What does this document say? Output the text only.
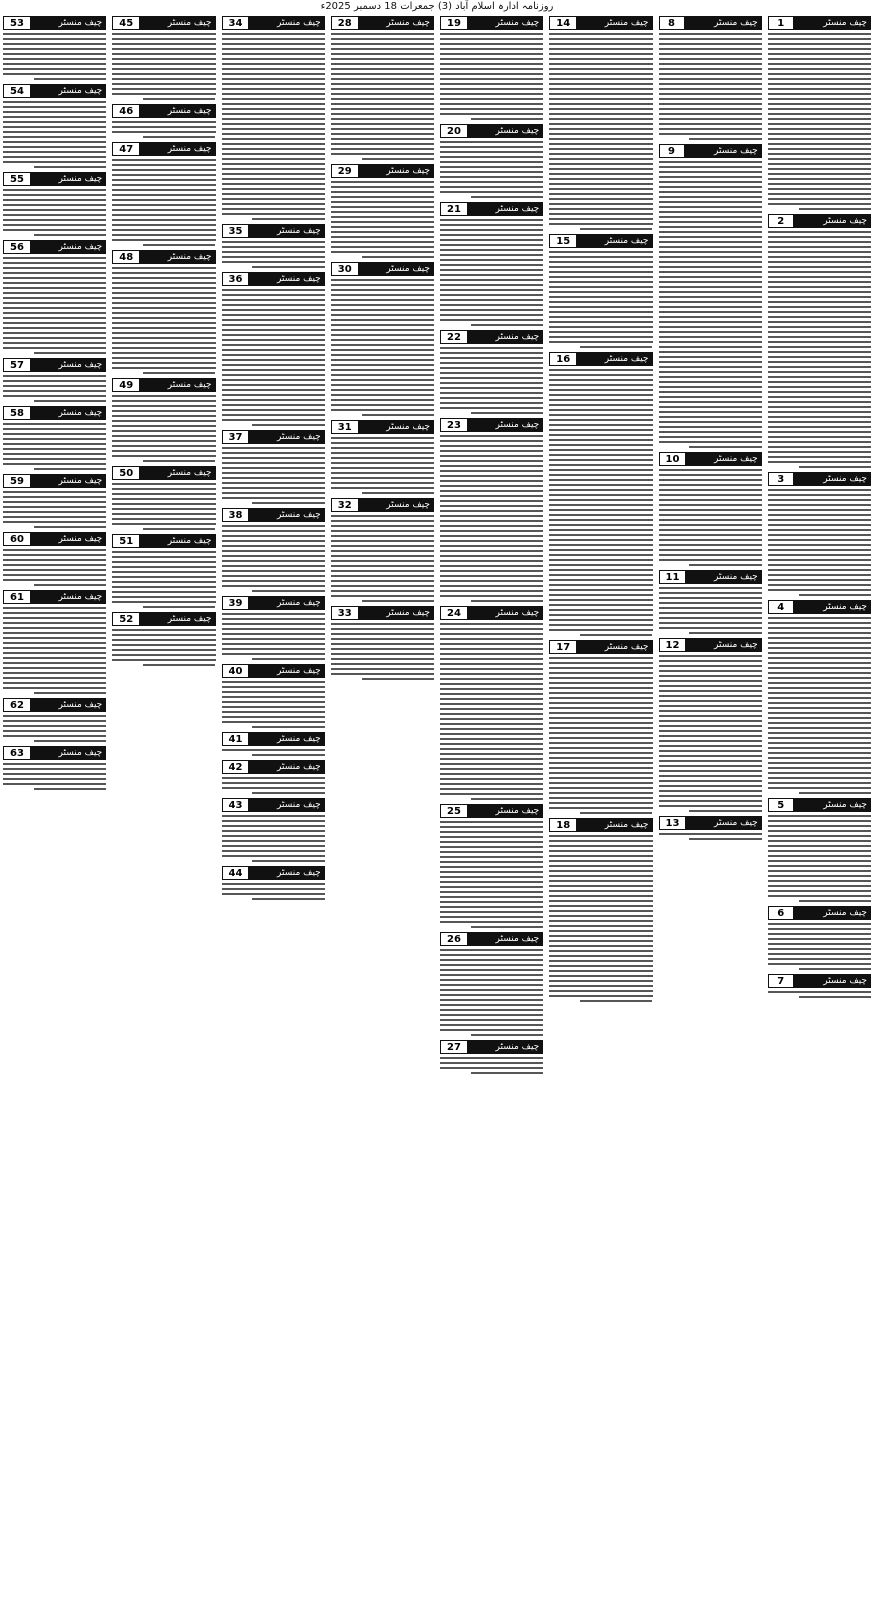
روزنامہ ادارہ اسلام آباد (3) جمعرات 18 دسمبر 2025ء
1	چیف منسٹر
2	چیف منسٹر
3	چیف منسٹر
4	چیف منسٹر
5	چیف منسٹر
6	چیف منسٹر
7	چیف منسٹر
8	چیف منسٹر
9	چیف منسٹر
10	چیف منسٹر
11	چیف منسٹر
12	چیف منسٹر
13	چیف منسٹر
14	چیف منسٹر
15	چیف منسٹر
16	چیف منسٹر
17	چیف منسٹر
18	چیف منسٹر
19	چیف منسٹر
20	چیف منسٹر
21	چیف منسٹر
22	چیف منسٹر
23	چیف منسٹر
24	چیف منسٹر
25	چیف منسٹر
26	چیف منسٹر
27	چیف منسٹر
28	چیف منسٹر
29	چیف منسٹر
30	چیف منسٹر
31	چیف منسٹر
32	چیف منسٹر
33	چیف منسٹر
34	چیف منسٹر
35	چیف منسٹر
36	چیف منسٹر
37	چیف منسٹر
38	چیف منسٹر
39	چیف منسٹر
40	چیف منسٹر
41	چیف منسٹر
42	چیف منسٹر
43	چیف منسٹر
44	چیف منسٹر
45	چیف منسٹر
46	چیف منسٹر
47	چیف منسٹر
48	چیف منسٹر
49	چیف منسٹر
50	چیف منسٹر
51	چیف منسٹر
52	چیف منسٹر
53	چیف منسٹر
54	چیف منسٹر
55	چیف منسٹر
56	چیف منسٹر
57	چیف منسٹر
58	چیف منسٹر
59	چیف منسٹر
60	چیف منسٹر
61	چیف منسٹر
62	چیف منسٹر
63	چیف منسٹر
